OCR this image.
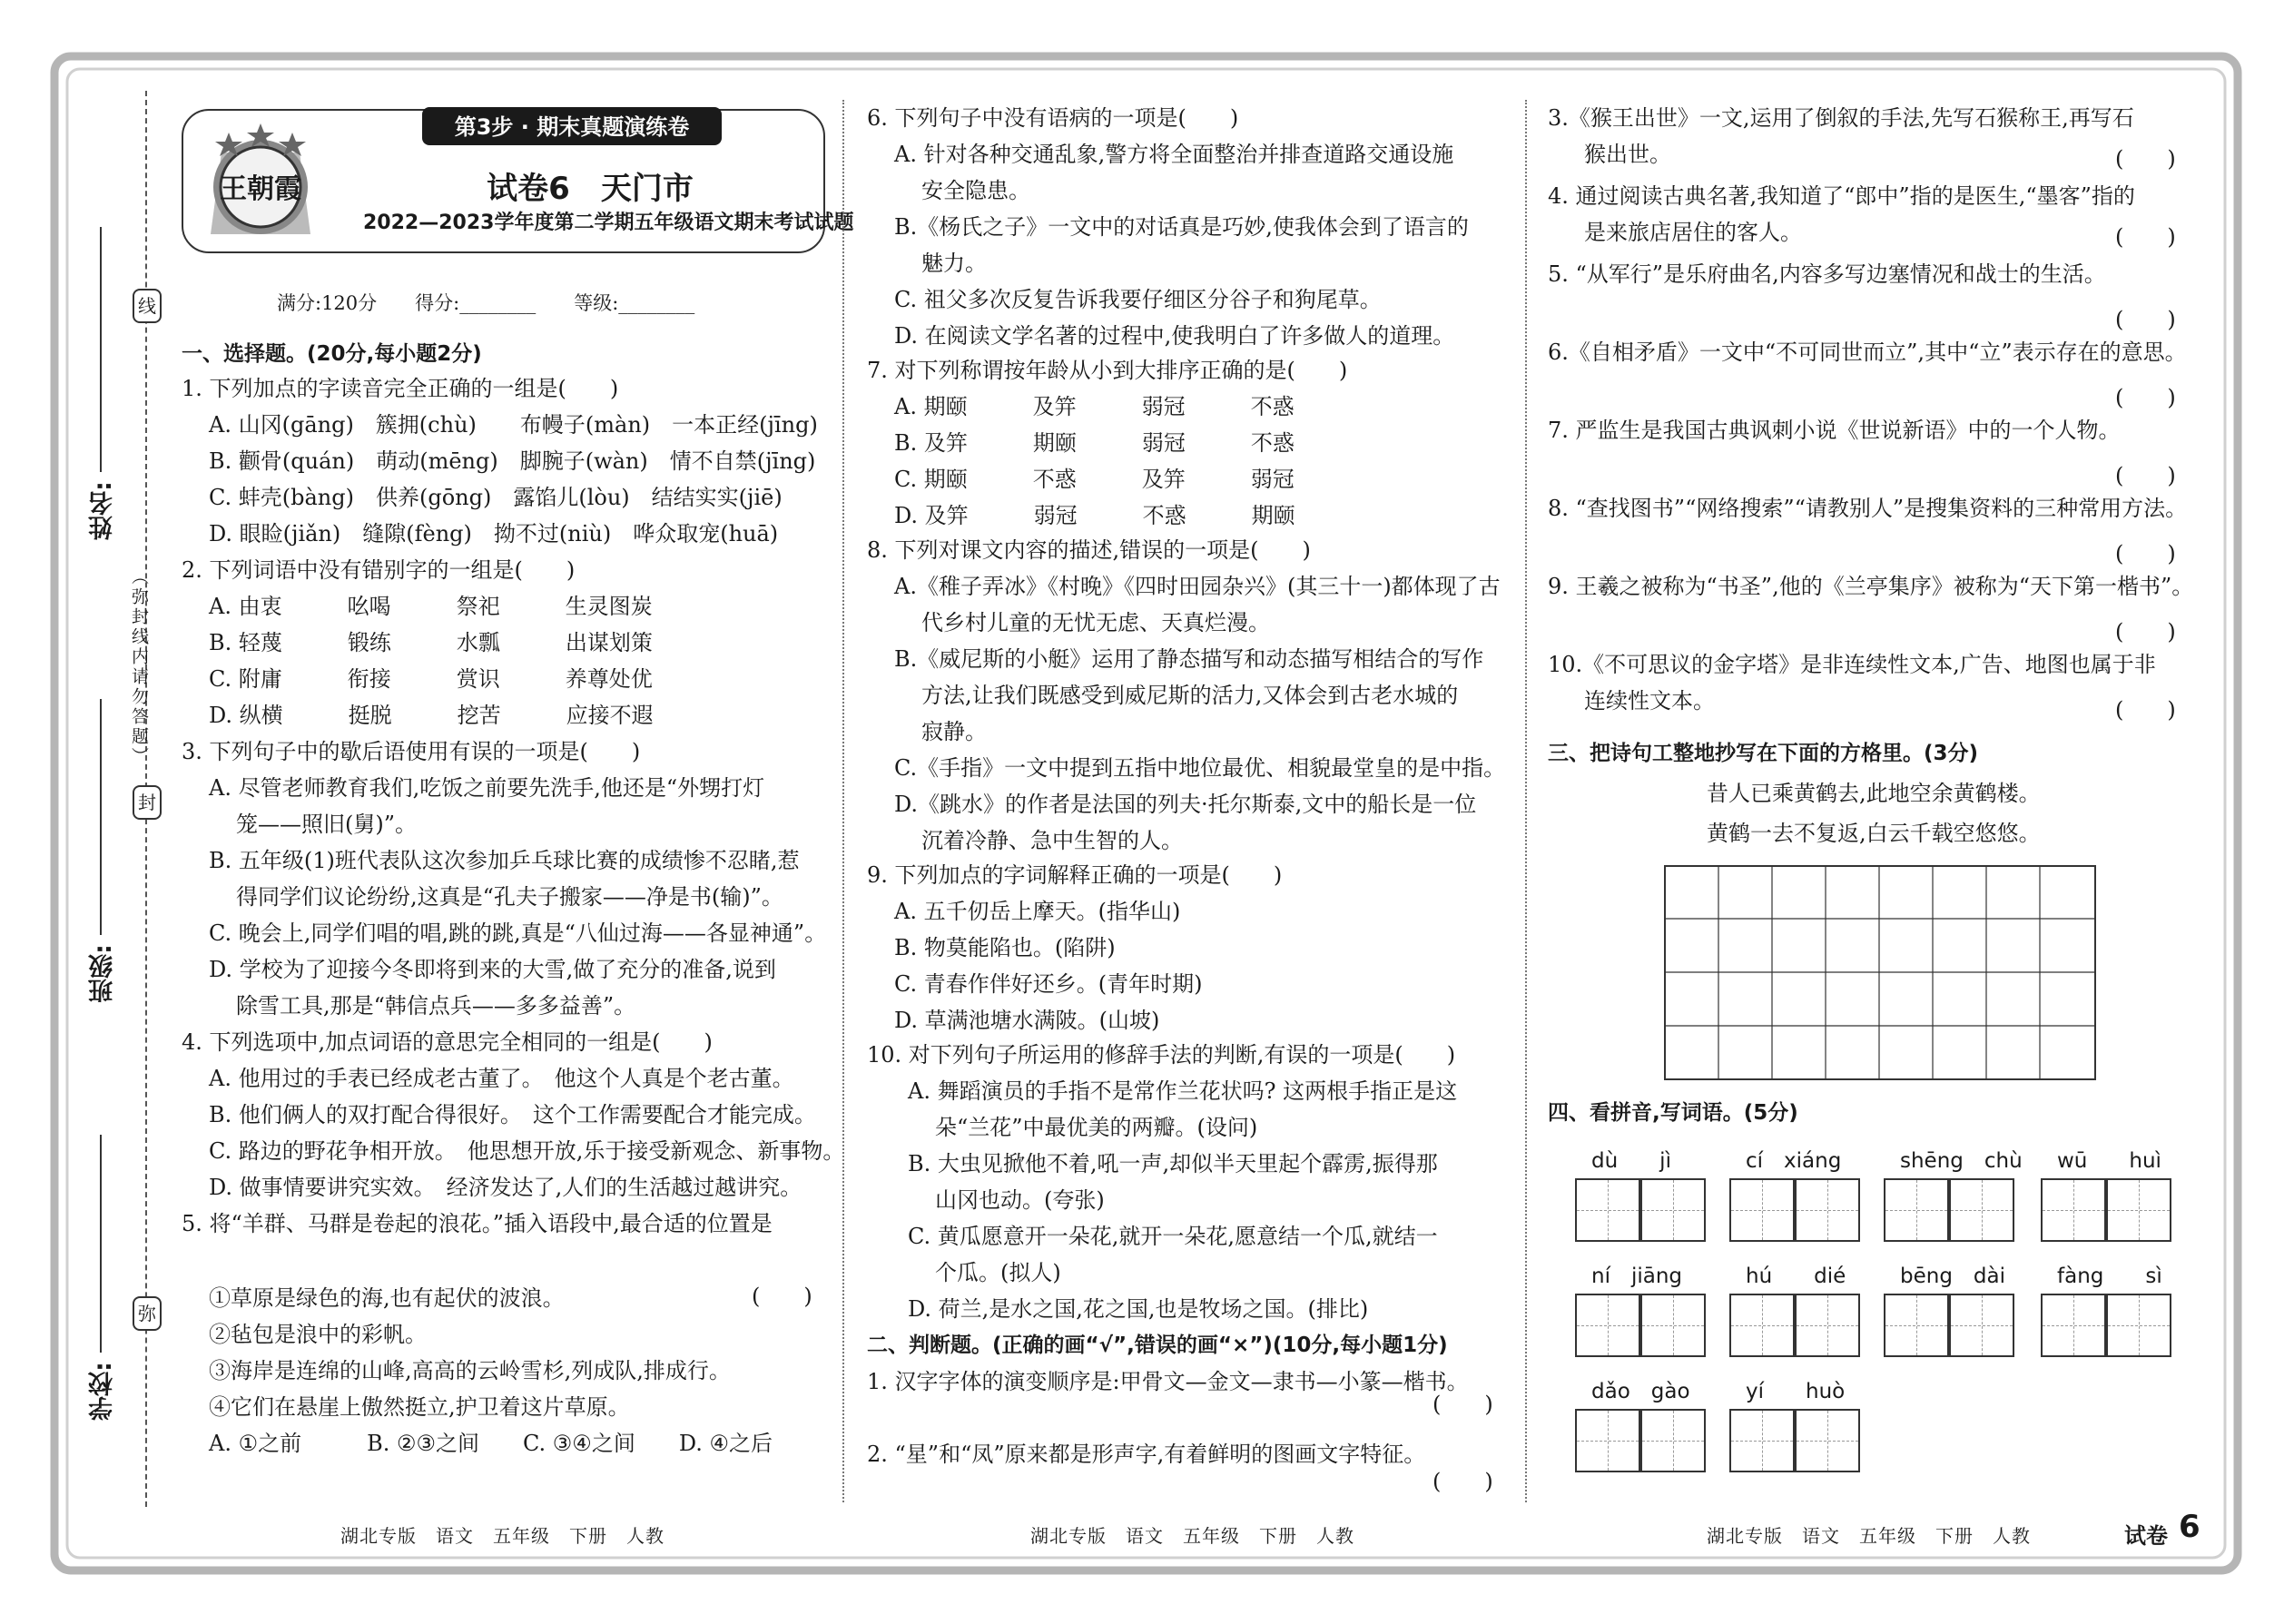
线
封
弥
（弥封线内请勿答题）
姓名:
班级:
学校:
王朝霞
第3步 · 期末真题演练卷
试卷6　天门市
2022—2023学年度第二学期五年级语文期末考试试题
满分:120分　　得分:________　　等级:________
一、选择题。(20分,每小题2分)
1. 下列加点的字读音完全正确的一组是(　　)
A. 山冈(gāng)　簇拥(chù)　　布幔子(màn)　一本正经(jīng)
B. 颧骨(quán)　萌动(mēng)　脚腕子(wàn)　情不自禁(jīng)
C. 蚌壳(bàng)　供养(gōng)　露馅儿(lòu)　结结实实(jiē)
D. 眼睑(jiǎn)　缝隙(fèng)　拗不过(niù)　哗众取宠(huā)
2. 下列词语中没有错别字的一组是(　　)
A. 由衷　　　吆喝　　　祭祀　　　生灵图炭
B. 轻蔑　　　锻练　　　水瓢　　　出谋划策
C. 附庸　　　衔接　　　赏识　　　养尊处优
D. 纵横　　　挺脱　　　挖苦　　　应接不遐
3. 下列句子中的歇后语使用有误的一项是(　　)
A. 尽管老师教育我们,吃饭之前要先洗手,他还是“外甥打灯
笼——照旧(舅)”。
B. 五年级(1)班代表队这次参加乒乓球比赛的成绩惨不忍睹,惹
得同学们议论纷纷,这真是“孔夫子搬家——净是书(输)”。
C. 晚会上,同学们唱的唱,跳的跳,真是“八仙过海——各显神通”。
D. 学校为了迎接今冬即将到来的大雪,做了充分的准备,说到
除雪工具,那是“韩信点兵——多多益善”。
4. 下列选项中,加点词语的意思完全相同的一组是(　　)
A. 他用过的手表已经成老古董了。　他这个人真是个老古董。
B. 他们俩人的双打配合得很好。　这个工作需要配合才能完成。
C. 路边的野花争相开放。　他思想开放,乐于接受新观念、新事物。
D. 做事情要讲究实效。　经济发达了,人们的生活越过越讲究。
5. 将“羊群、马群是卷起的浪花。”插入语段中,最合适的位置是
①草原是绿色的海,也有起伏的波浪。
②毡包是浪中的彩帆。
③海岸是连绵的山峰,高高的云岭雪杉,列成队,排成行。
④它们在悬崖上傲然挺立,护卫着这片草原。
A. ①之前　　　B. ②③之间　　C. ③④之间　　D. ④之后
6. 下列句子中没有语病的一项是(　　)
A. 针对各种交通乱象,警方将全面整治并排查道路交通设施
安全隐患。
B.《杨氏之子》一文中的对话真是巧妙,使我体会到了语言的
魅力。
C. 祖父多次反复告诉我要仔细区分谷子和狗尾草。
D. 在阅读文学名著的过程中,使我明白了许多做人的道理。
7. 对下列称谓按年龄从小到大排序正确的是(　　)
A. 期颐　　　及笄　　　弱冠　　　不惑
B. 及笄　　　期颐　　　弱冠　　　不惑
C. 期颐　　　不惑　　　及笄　　　弱冠
D. 及笄　　　弱冠　　　不惑　　　期颐
8. 下列对课文内容的描述,错误的一项是(　　)
A.《稚子弄冰》《村晚》《四时田园杂兴》(其三十一)都体现了古
代乡村儿童的无忧无虑、天真烂漫。
B.《威尼斯的小艇》运用了静态描写和动态描写相结合的写作
方法,让我们既感受到威尼斯的活力,又体会到古老水城的
寂静。
C.《手指》一文中提到五指中地位最优、相貌最堂皇的是中指。
D.《跳水》的作者是法国的列夫·托尔斯泰,文中的船长是一位
沉着冷静、急中生智的人。
9. 下列加点的字词解释正确的一项是(　　)
A. 五千仞岳上摩天。(指华山)
B. 物莫能陷也。(陷阱)
C. 青春作伴好还乡。(青年时期)
D. 草满池塘水满陂。(山坡)
10. 对下列句子所运用的修辞手法的判断,有误的一项是(　　)
A. 舞蹈演员的手指不是常作兰花状吗? 这两根手指正是这
朵“兰花”中最优美的两瓣。(设问)
B. 大虫见掀他不着,吼一声,却似半天里起个霹雳,振得那
山冈也动。(夸张)
C. 黄瓜愿意开一朵花,就开一朵花,愿意结一个瓜,就结一
个瓜。(拟人)
D. 荷兰,是水之国,花之国,也是牧场之国。(排比)
二、判断题。(正确的画“√”,错误的画“×”)(10分,每小题1分)
1. 汉字字体的演变顺序是:甲骨文—金文—隶书—小篆—楷书。
2. “星”和“凤”原来都是形声字,有着鲜明的图画文字特征。
3.《猴王出世》一文,运用了倒叙的手法,先写石猴称王,再写石
猴出世。
4. 通过阅读古典名著,我知道了“郎中”指的是医生,“墨客”指的
是来旅店居住的客人。
5. “从军行”是乐府曲名,内容多写边塞情况和战士的生活。
6.《自相矛盾》一文中“不可同世而立”,其中“立”表示存在的意思。
7. 严监生是我国古典讽刺小说《世说新语》中的一个人物。
8. “查找图书”“网络搜索”“请教别人”是搜集资料的三种常用方法。
9. 王羲之被称为“书圣”,他的《兰亭集序》被称为“天下第一楷书”。
10.《不可思议的金字塔》是非连续性文本,广告、地图也属于非
连续性文本。
三、把诗句工整地抄写在下面的方格里。(3分)
昔人已乘黄鹤去,此地空余黄鹤楼。
黄鹤一去不复返,白云千载空悠悠。
四、看拼音,写词语。(5分)
(　　)
(　　)
(　　)
(　　)
(　　)
(　　)
(　　)
(　　)
(　　)
(　　)
(　　)
dù　　jì	cí　xiáng	shēng　chù wū　　huì
ní　jiāng	hú　　dié	bēng　dài fàng　　sì
dǎo　gào	yí　　huò
湖北专版　语文　五年级　下册　人教	湖北专版　语文　五年级　下册　人教	湖北专版　语文　五年级　下册　人教	试卷 6
